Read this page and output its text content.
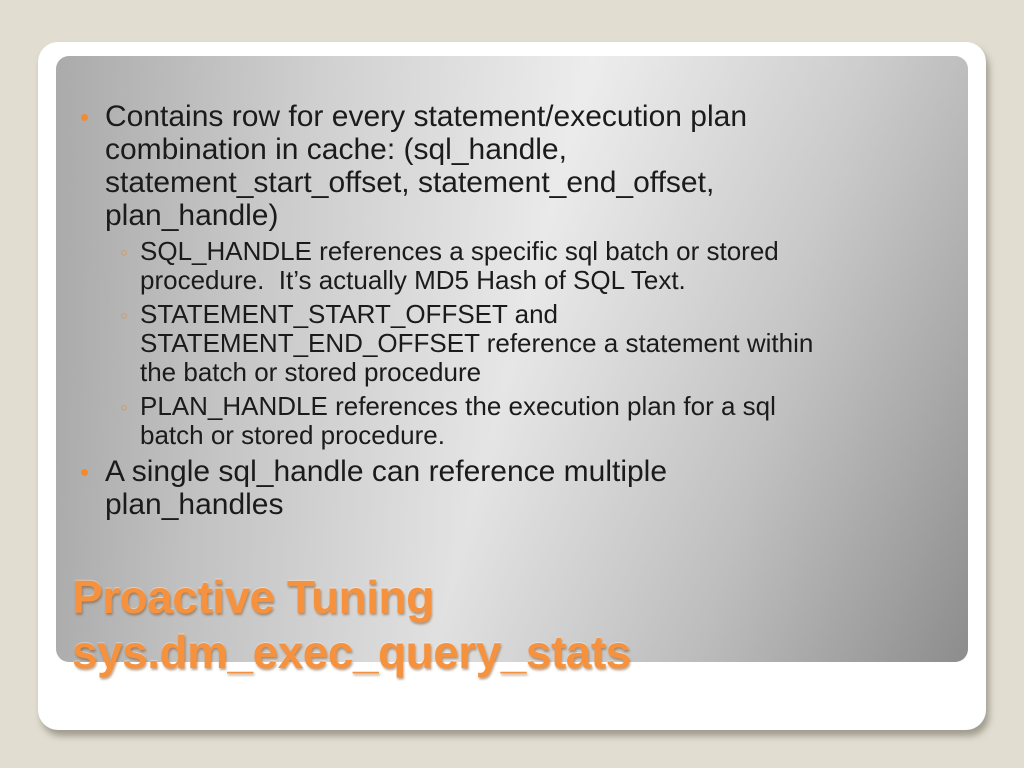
• Contains row for every statement/execution plan
combination in cache: (sql_handle,
statement_start_offset, statement_end_offset,
plan_handle)
◦ SQL_HANDLE references a specific sql batch or stored
procedure.  It’s actually MD5 Hash of SQL Text.
◦ STATEMENT_START_OFFSET and
STATEMENT_END_OFFSET reference a statement within
the batch or stored procedure
◦ PLAN_HANDLE references the execution plan for a sql
batch or stored procedure.
• A single sql_handle can reference multiple
plan_handles
Proactive Tuning
sys.dm_exec_query_stats
